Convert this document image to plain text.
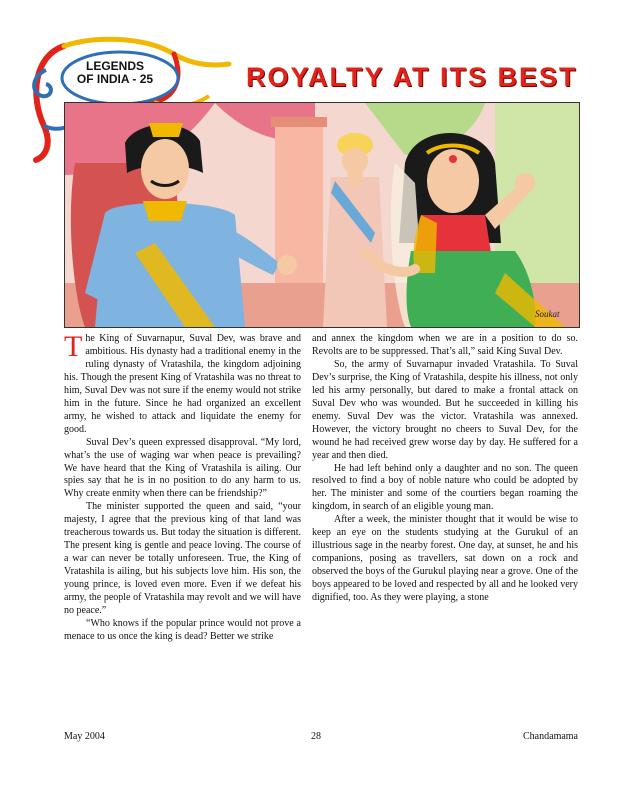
LEGENDS
OF INDIA - 25	ROYALTY AT ITS BEST
Soukat

The King of Suvarnapur, Suval Dev, was brave and ambitious. His dynasty had a traditional enemy in the ruling dynasty of Vratashila, the kingdom adjoining his. Though the present King of Vratashila was no threat to him, Suval Dev was not sure if the enemy would not strike him in the future. Since he had organized an excellent army, he wished to attack and liquidate the enemy for good.

Suval Dev’s queen expressed disapproval. “My lord, what’s the use of waging war when peace is prevailing? We have heard that the King of Vratashila is ailing. Our spies say that he is in no position to do any harm to us. Why create enmity when there can be friendship?”

The minister supported the queen and said, “your majesty, I agree that the previous king of that land was treacherous towards us. But today the situation is different. The present king is gentle and peace loving. The course of a war can never be totally unforeseen. True, the King of Vratashila is ailing, but his subjects love him. His son, the young prince, is loved even more. Even if we defeat his army, the people of Vratashila may revolt and we will have no peace.”

“Who knows if the popular prince would not prove a menace to us once the king is dead? Better we strike

and annex the kingdom when we are in a position to do so. Revolts are to be suppressed. That’s all,” said King Suval Dev.

So, the army of Suvarnapur invaded Vratashila. To Suval Dev’s surprise, the King of Vratashila, despite his illness, not only led his army personally, but dared to make a frontal attack on Suval Dev who was wounded. But he succeeded in killing his enemy. Suval Dev was the victor. Vratashila was annexed. However, the victory brought no cheers to Suval Dev, for the wound he had received grew worse day by day. He suffered for a year and then died.

He had left behind only a daughter and no son. The queen resolved to find a boy of noble nature who could be adopted by her. The minister and some of the courtiers began roaming the kingdom, in search of an eligible young man.

After a week, the minister thought that it would be wise to keep an eye on the students studying at the Gurukul of an illustrious sage in the nearby forest. One day, at sunset, he and his companions, posing as travellers, sat down on a rock and observed the boys of the Gurukul playing near a grove. One of the boys appeared to be loved and respected by all and he looked very dignified, too. As they were playing, a stone

May 2004	28	Chandamama
